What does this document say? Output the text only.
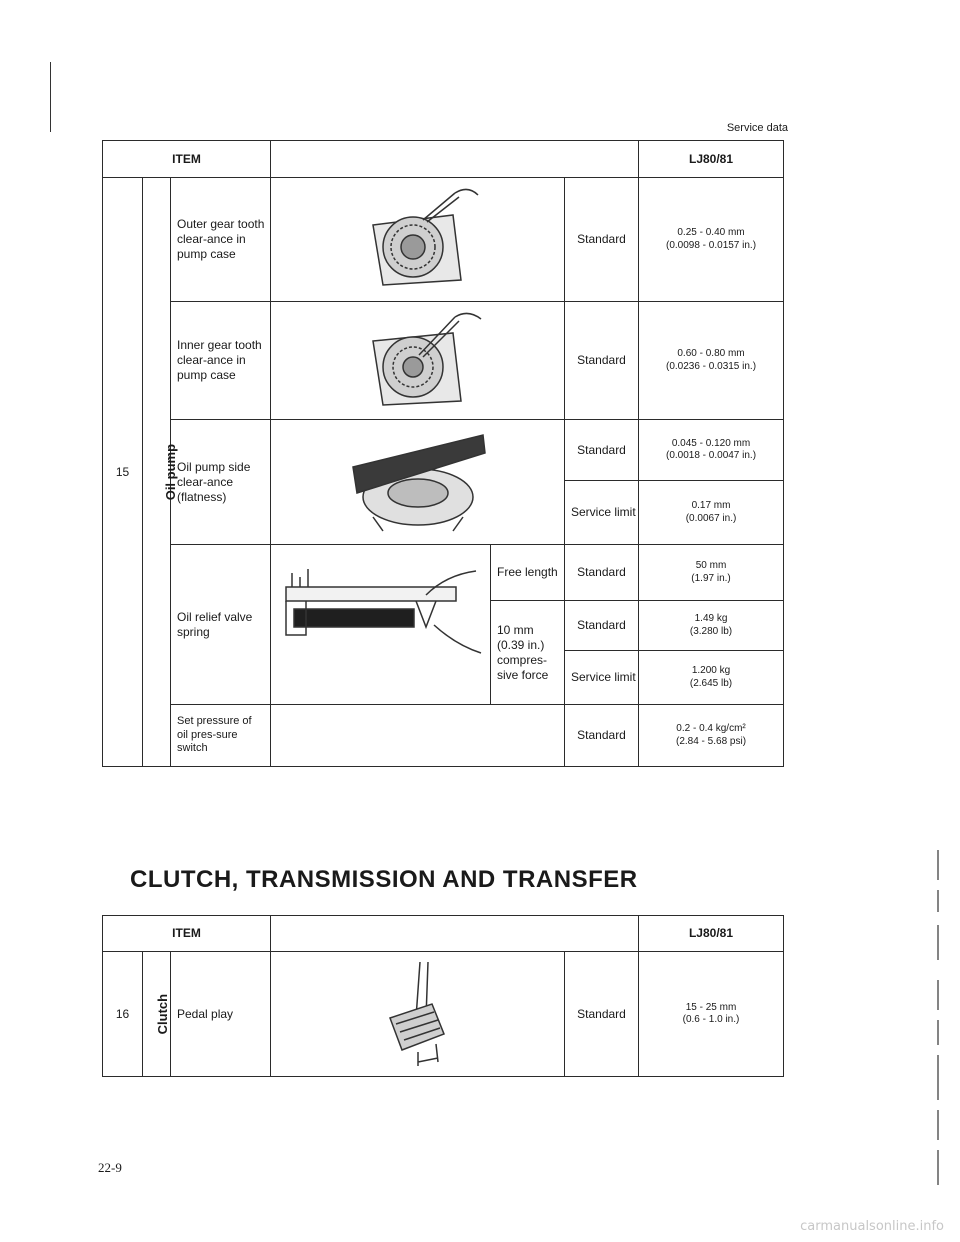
Service data
ITEM						LJ80/81
15	Oil pump	Outer gear tooth clear-ance in pump case			Standard	0.25 - 0.40 mm
(0.0098 - 0.0157 in.)

		Inner gear tooth clear-ance in pump case			Standard	0.60 - 0.80 mm
(0.0236 - 0.0315 in.)

		Oil pump side clear-ance (flatness)			Standard	0.045 - 0.120 mm
(0.0018 - 0.0047 in.)

					Service limit	0.17 mm
(0.0067 in.)

		Oil relief valve spring		Free length	Standard	50 mm
(1.97 in.)

				10 mm (0.39 in.) compres-sive force	Standard	1.49 kg
(3.280 lb)

					Service limit	1.200 kg
(2.645 lb)

		Set pressure of oil pres-sure switch			Standard	0.2 - 0.4 kg/cm²
(2.84 - 5.68 psi)
CLUTCH, TRANSMISSION AND TRANSFER
ITEM					LJ80/81
16	Clutch	Pedal play		Standard	15 - 25 mm
(0.6 - 1.0 in.)
22-9
carmanualsonline.info
